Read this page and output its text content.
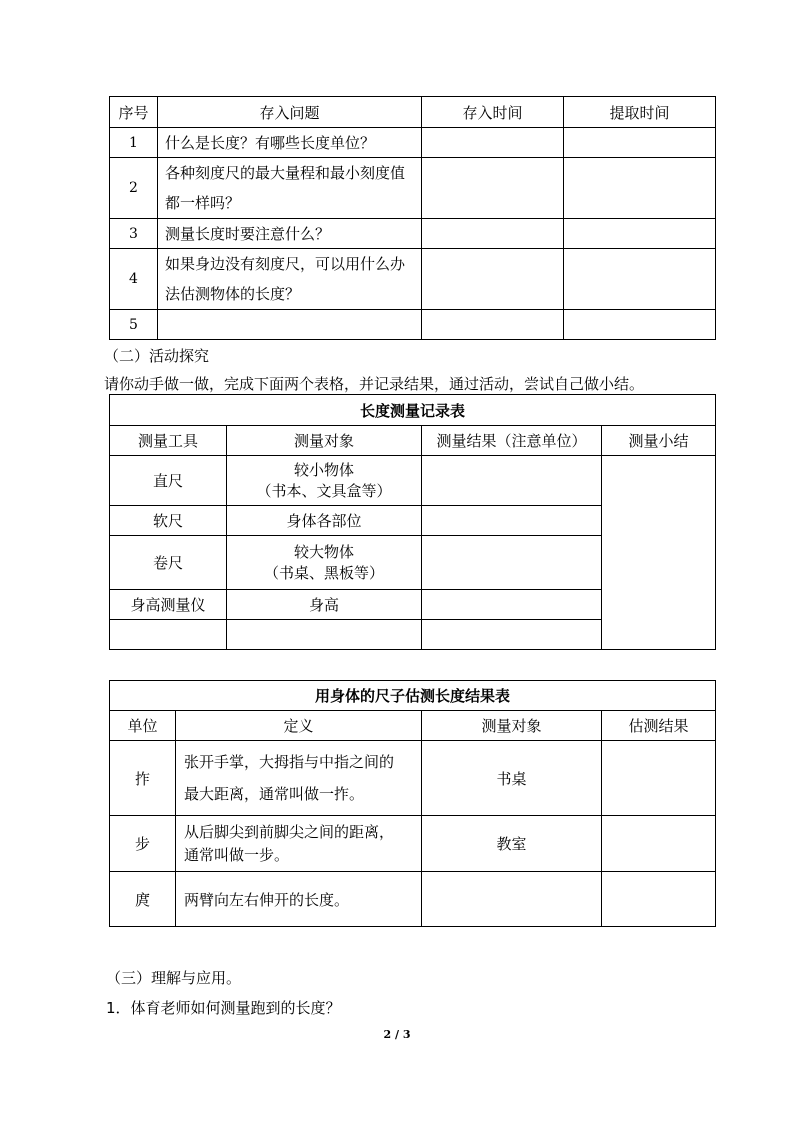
序号	存入问题	存入时间	提取时间
1	什么是长度？有哪些长度单位？		
2	各种刻度尺的最大量程和最小刻度值都一样吗？		
3	测量长度时要注意什么？		
4	如果身边没有刻度尺，可以用什么办法估测物体的长度？		
5			
（二）活动探究
请你动手做一做，完成下面两个表格，并记录结果，通过活动，尝试自己做小结。
长度测量记录表			
测量工具	测量对象	测量结果（注意单位）	测量小结
直尺	较小物体
（书本、文具盒等）		

软尺	身体各部位		
卷尺	较大物体
（书桌、黑板等）		

身高测量仪	身高		

用身体的尺子估测长度结果表			
单位	定义	测量对象	估测结果
拃	张开手掌，大拇指与中指之间的
最大距离，通常叫做一拃。	书桌	
步	从后脚尖到前脚尖之间的距离，
通常叫做一步。	教室	
庹	两臂向左右伸开的长度。		
（三）理解与应用。
1．体育老师如何测量跑到的长度？
2 / 3
